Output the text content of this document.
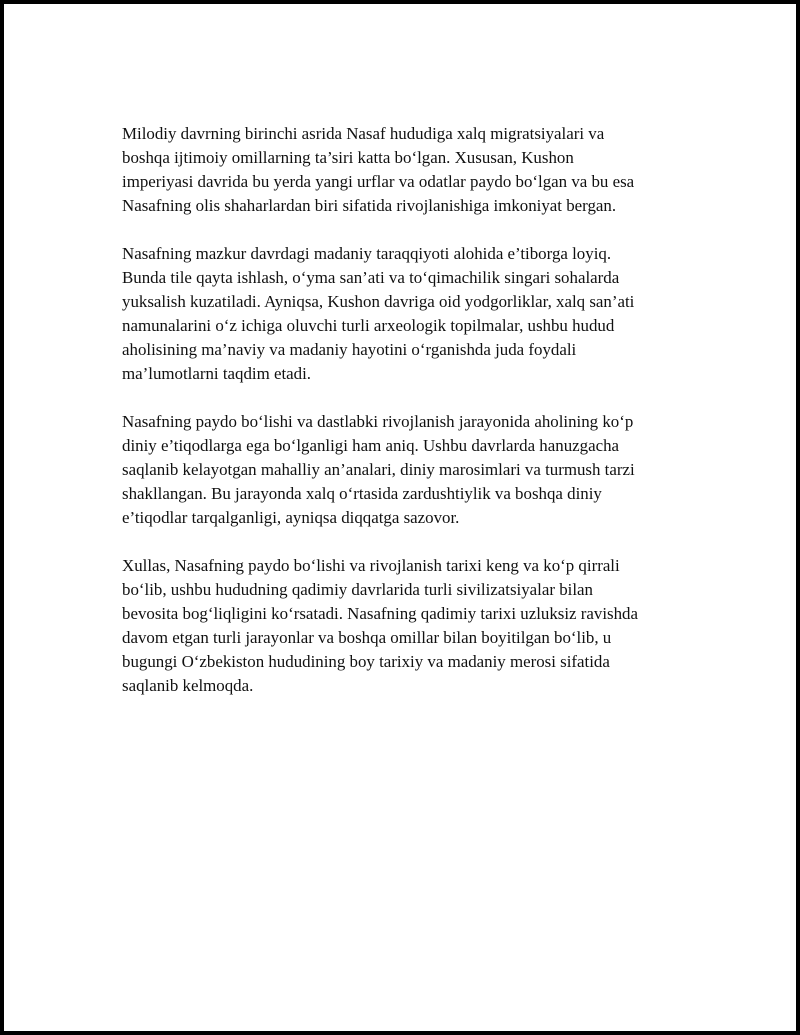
Milodiy davrning birinchi asrida Nasaf hududiga xalq migratsiyalari va
boshqa ijtimoiy omillarning ta’siri katta bo‘lgan. Xususan, Kushon
imperiyasi davrida bu yerda yangi urflar va odatlar paydo bo‘lgan va bu esa
Nasafning olis shaharlardan biri sifatida rivojlanishiga imkoniyat bergan.

Nasafning mazkur davrdagi madaniy taraqqiyoti alohida e’tiborga loyiq.
Bunda tile qayta ishlash, o‘yma san’ati va to‘qimachilik singari sohalarda
yuksalish kuzatiladi. Ayniqsa, Kushon davriga oid yodgorliklar, xalq san’ati
namunalarini o‘z ichiga oluvchi turli arxeologik topilmalar, ushbu hudud
aholisining ma’naviy va madaniy hayotini o‘rganishda juda foydali
ma’lumotlarni taqdim etadi.

Nasafning paydo bo‘lishi va dastlabki rivojlanish jarayonida aholining ko‘p
diniy e’tiqodlarga ega bo‘lganligi ham aniq. Ushbu davrlarda hanuzgacha
saqlanib kelayotgan mahalliy an’analari, diniy marosimlari va turmush tarzi
shakllangan. Bu jarayonda xalq o‘rtasida zardushtiylik va boshqa diniy
e’tiqodlar tarqalganligi, ayniqsa diqqatga sazovor.

Xullas, Nasafning paydo bo‘lishi va rivojlanish tarixi keng va ko‘p qirrali
bo‘lib, ushbu hududning qadimiy davrlarida turli sivilizatsiyalar bilan
bevosita bog‘liqligini ko‘rsatadi. Nasafning qadimiy tarixi uzluksiz ravishda
davom etgan turli jarayonlar va boshqa omillar bilan boyitilgan bo‘lib, u
bugungi O‘zbekiston hududining boy tarixiy va madaniy merosi sifatida
saqlanib kelmoqda.
